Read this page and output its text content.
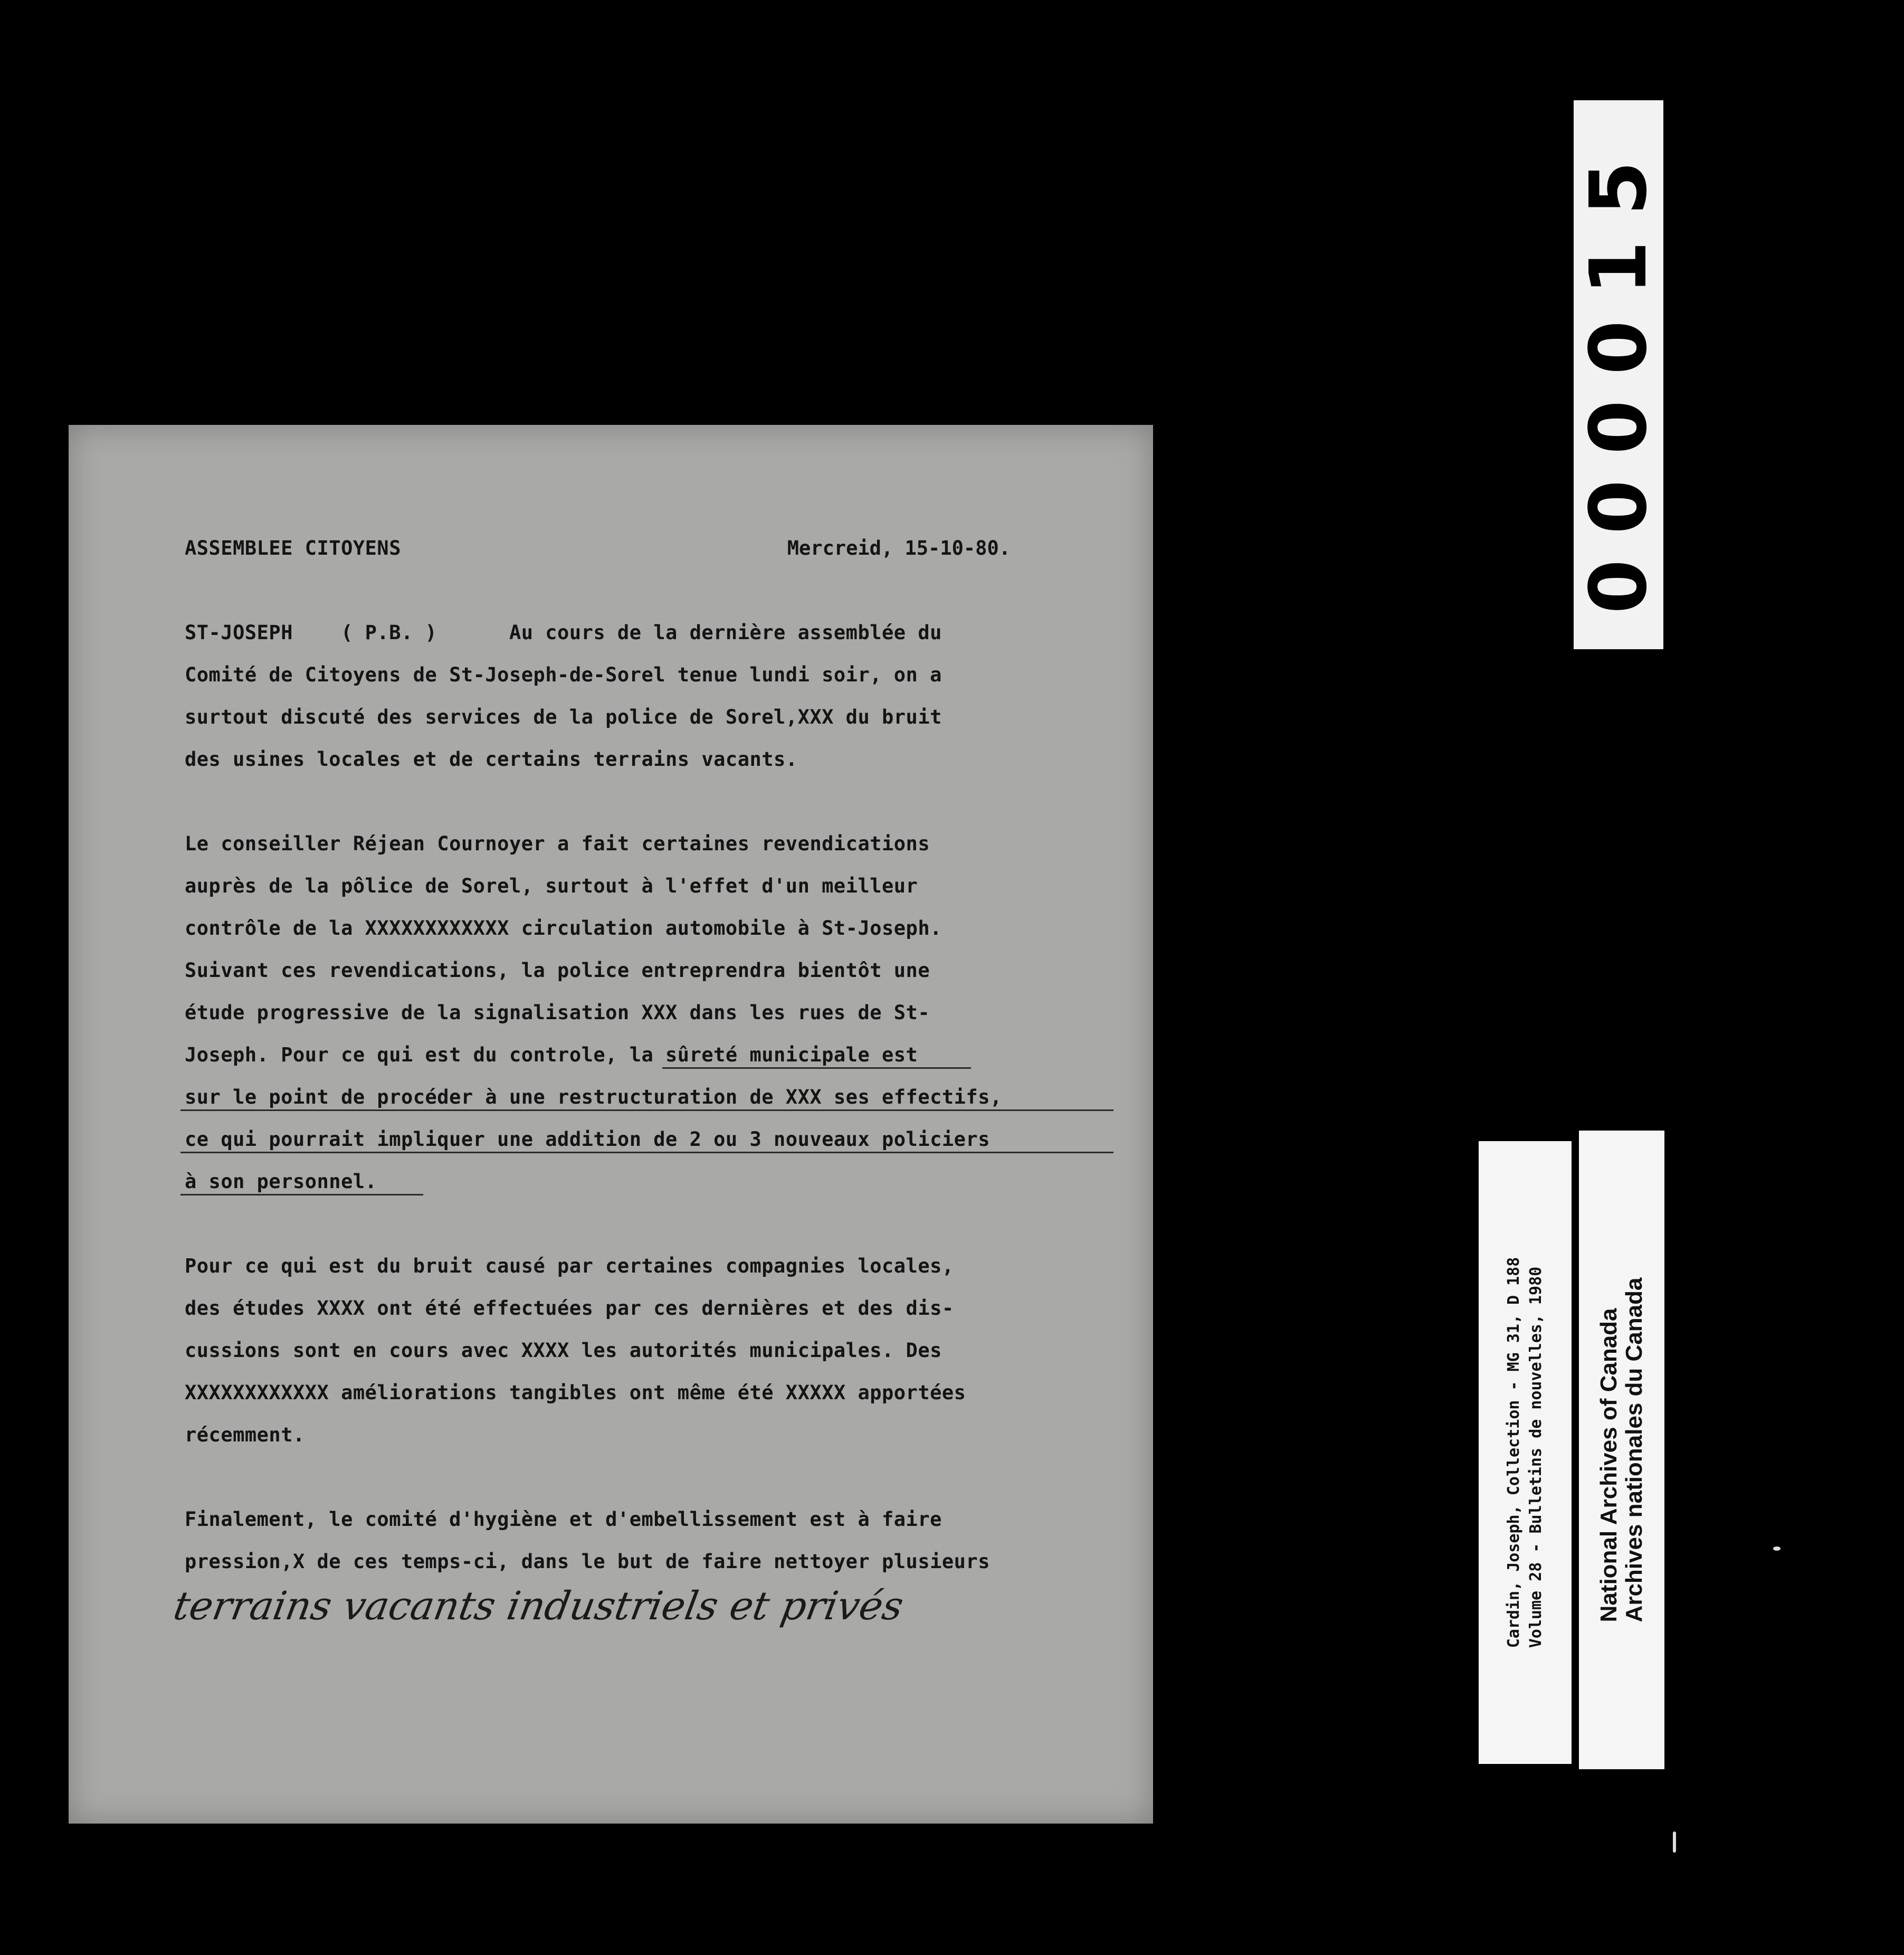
ASSEMBLEE CITOYENS	Mercreid, 15-10-80.
ST-JOSEPH    ( P.B. )      Au cours de la dernière assemblée du
Comité de Citoyens de St-Joseph-de-Sorel tenue lundi soir, on a
surtout discuté des services de la police de Sorel,XXX du bruit
des usines locales et de certains terrains vacants.
Le conseiller Réjean Cournoyer a fait certaines revendications
auprès de la pôlice de Sorel, surtout à l'effet d'un meilleur
contrôle de la XXXXXXXXXXXX circulation automobile à St-Joseph.
Suivant ces revendications, la police entreprendra bientôt une
étude progressive de la signalisation XXX dans les rues de St-
Joseph. Pour ce qui est du controle, la sûreté municipale est
sur le point de procéder à une restructuration de XXX ses effectifs,
ce qui pourrait impliquer une addition de 2 ou 3 nouveaux policiers
à son personnel.
Pour ce qui est du bruit causé par certaines compagnies locales,
des études XXXX ont été effectuées par ces dernières et des dis-
cussions sont en cours avec XXXX les autorités municipales. Des
XXXXXXXXXXXX améliorations tangibles ont même été XXXXX apportées
récemment.
Finalement, le comité d'hygiène et d'embellissement est à faire
pression,X de ces temps-ci, dans le but de faire nettoyer plusieurs
terrains vacants industriels et privés
000015
Cardin, Joseph, Collection - MG 31, D 188 Volume 28 - Bulletins de nouvelles, 1980 National Archives of Canada
Archives nationales du Canada
